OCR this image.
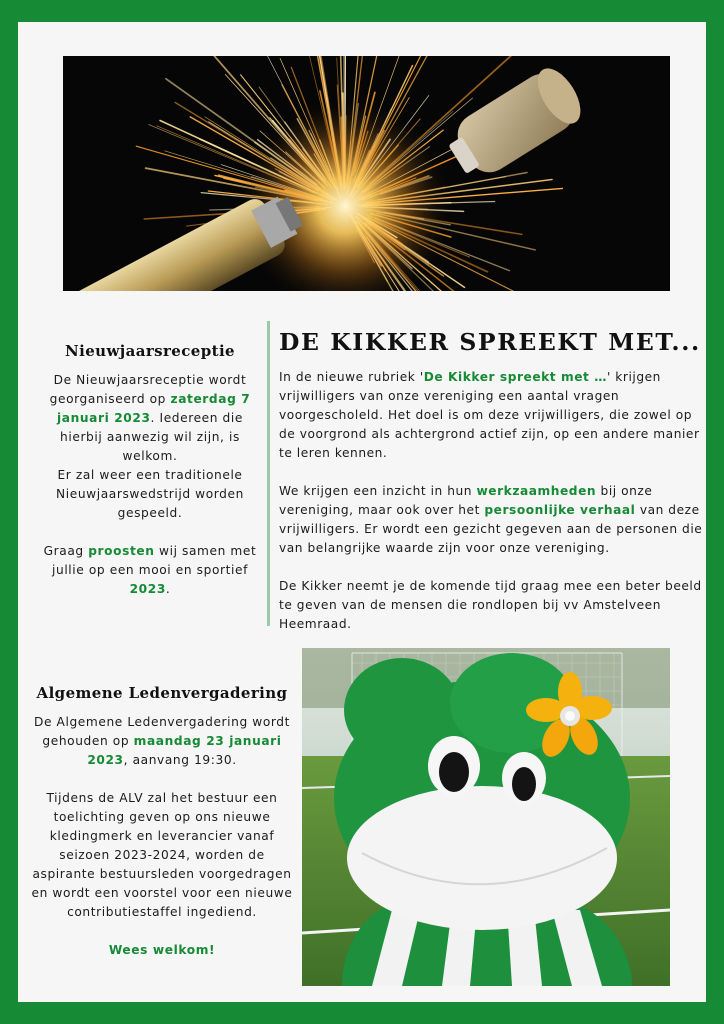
Nieuwjaarsreceptie

De Nieuwjaarsreceptie wordt georganiseerd op zaterdag 7 januari 2023. Iedereen die hierbij aanwezig wil zijn, is welkom.

Er zal weer een traditionele Nieuwjaarswedstrijd worden gespeeld.

Graag proosten wij samen met jullie op een mooi en sportief 2023.

DE KIKKER SPREEKT MET...

In de nieuwe rubriek 'De Kikker spreekt met …' krijgen vrijwilligers van onze vereniging een aantal vragen voorgescholeld. Het doel is om deze vrijwilligers, die zowel op de voorgrond als achtergrond actief zijn, op een andere manier te leren kennen.

We krijgen een inzicht in hun werkzaamheden bij onze vereniging, maar ook over het persoonlijke verhaal van deze vrijwilligers. Er wordt een gezicht gegeven aan de personen die van belangrijke waarde zijn voor onze vereniging.

De Kikker neemt je de komende tijd graag mee een beter beeld te geven van de mensen die rondlopen bij vv Amstelveen Heemraad.

Algemene Ledenvergadering

De Algemene Ledenvergadering wordt gehouden op maandag 23 januari 2023, aanvang 19:30.

Tijdens de ALV zal het bestuur een toelichting geven op ons nieuwe kledingmerk en leverancier vanaf seizoen 2023-2024, worden de aspirante bestuursleden voorgedragen en wordt een voorstel voor een nieuwe contributiestaffel ingediend.

Wees welkom!
